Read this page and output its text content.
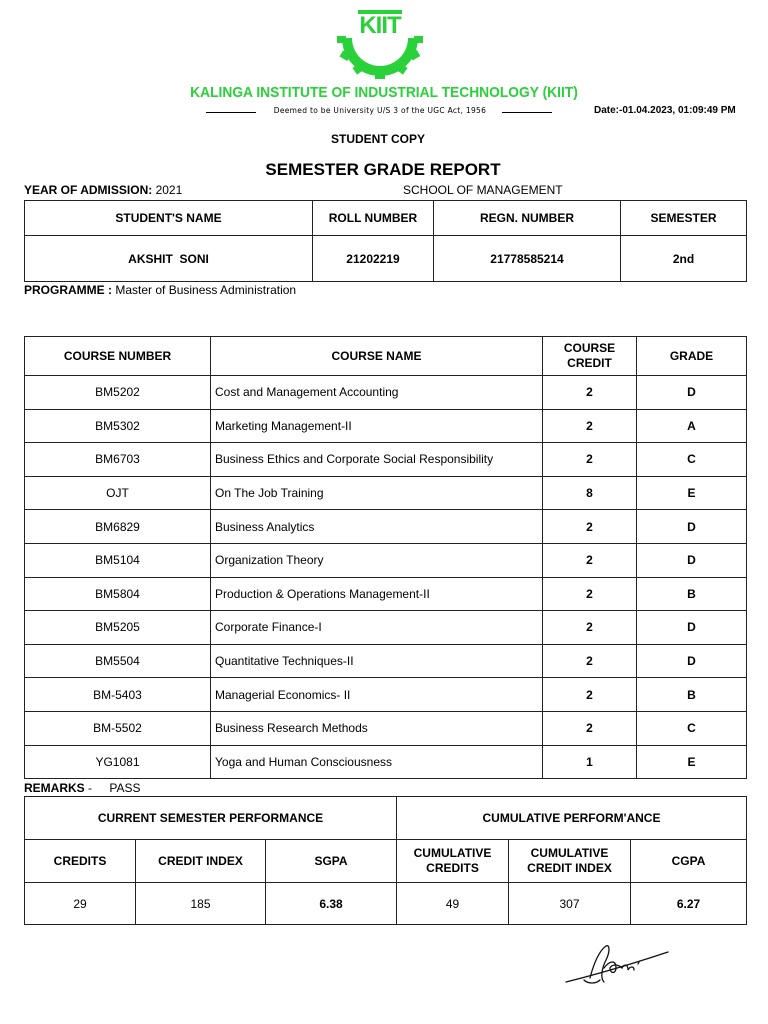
KIIT
KALINGA INSTITUTE OF INDUSTRIAL TECHNOLOGY (KIIT)
Deemed to be University U/S 3 of the UGC Act, 1956	Date:-01.04.2023, 01:09:49 PM
STUDENT COPY
SEMESTER GRADE REPORT
YEAR OF ADMISSION: 2021	SCHOOL OF MANAGEMENT
STUDENT'S NAME	ROLL NUMBER	REGN. NUMBER	SEMESTER
AKSHIT  SONI	21202219	21778585214	2nd
PROGRAMME : Master of Business Administration
COURSE NUMBER	COURSE NAME	COURSE CREDIT	GRADE
BM5202	Cost and Management Accounting	2	D
BM5302	Marketing Management-II	2	A
BM6703	Business Ethics and Corporate Social Responsibility	2	C
OJT	On The Job Training	8	E
BM6829	Business Analytics	2	D
BM5104	Organization Theory	2	D
BM5804	Production & Operations Management-II	2	B
BM5205	Corporate Finance-I	2	D
BM5504	Quantitative Techniques-II	2	D
BM-5403	Managerial Economics- II	2	B
BM-5502	Business Research Methods	2	C
YG1081	Yoga and Human Consciousness	1	E
REMARKS - PASS
CURRENT SEMESTER PERFORMANCE			CUMULATIVE PERFORM'ANCE		
CREDITS	CREDIT INDEX	SGPA	CUMULATIVE CREDITS	CUMULATIVE CREDIT INDEX	CGPA
29	185	6.38	49	307	6.27
